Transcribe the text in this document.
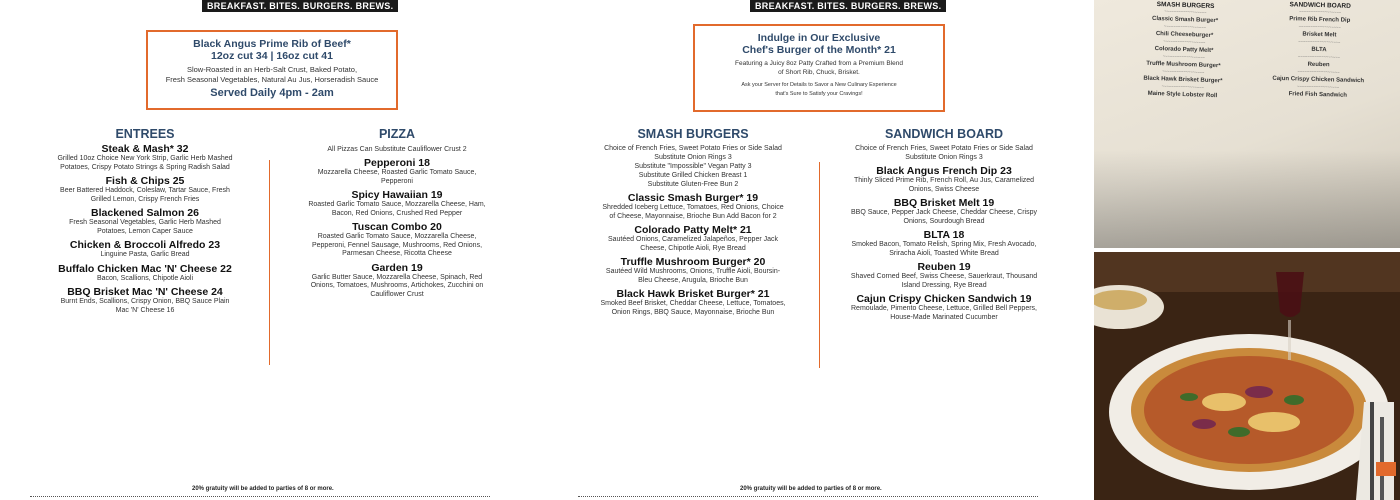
BREAKFAST. BITES. BURGERS. BREWS.
Black Angus Prime Rib of Beef*
12oz cut 34 | 16oz cut 41
Slow-Roasted in an Herb-Salt Crust, Baked Potato,
Fresh Seasonal Vegetables, Natural Au Jus, Horseradish Sauce
Served Daily 4pm - 2am
ENTREES
Steak & Mash* 32
Grilled 10oz Choice New York Strip, Garlic Herb Mashed Potatoes, Crispy Potato Strings & Spring Radish Salad
Fish & Chips 25
Beer Battered Haddock, Coleslaw, Tartar Sauce, Fresh Grilled Lemon, Crispy French Fries
Blackened Salmon 26
Fresh Seasonal Vegetables, Garlic Herb Mashed Potatoes, Lemon Caper Sauce
Chicken & Broccoli Alfredo 23
Linguine Pasta, Garlic Bread
Buffalo Chicken Mac 'N' Cheese 22
Bacon, Scallions, Chipotle Aioli
BBQ Brisket Mac 'N' Cheese 24
Burnt Ends, Scallions, Crispy Onion, BBQ Sauce Plain Mac 'N' Cheese 16
PIZZA
All Pizzas Can Substitute Cauliflower Crust 2
Pepperoni 18
Mozzarella Cheese, Roasted Garlic Tomato Sauce, Pepperoni
Spicy Hawaiian 19
Roasted Garlic Tomato Sauce, Mozzarella Cheese, Ham, Bacon, Red Onions, Crushed Red Pepper
Tuscan Combo 20
Roasted Garlic Tomato Sauce, Mozzarella Cheese, Pepperoni, Fennel Sausage, Mushrooms, Red Onions, Parmesan Cheese, Ricotta Cheese
Garden 19
Garlic Butter Sauce, Mozzarella Cheese, Spinach, Red Onions, Tomatoes, Mushrooms, Artichokes, Zucchini on Cauliflower Crust
20% gratuity will be added to parties of 8 or more.
BREAKFAST. BITES. BURGERS. BREWS.
Indulge in Our Exclusive
Chef's Burger of the Month* 21
Featuring a Juicy 8oz Patty Crafted from a Premium Blend
of Short Rib, Chuck, Brisket.
Ask your Server for Details to Savor a New Culinary Experience
that's Sure to Satisfy your Cravings!
SMASH BURGERS
Choice of French Fries, Sweet Potato Fries or Side Salad
Substitute Onion Rings 3
Substitute "Impossible" Vegan Patty 3
Substitute Grilled Chicken Breast 1
Substitute Gluten-Free Bun 2
Classic Smash Burger* 19
Shredded Iceberg Lettuce, Tomatoes, Red Onions, Choice of Cheese, Mayonnaise, Brioche Bun Add Bacon for 2
Colorado Patty Melt* 21
Sautéed Onions, Caramelized Jalapeños, Pepper Jack Cheese, Chipotle Aioli, Rye Bread
Truffle Mushroom Burger* 20
Sautéed Wild Mushrooms, Onions, Truffle Aioli, Boursin-Bleu Cheese, Arugula, Brioche Bun
Black Hawk Brisket Burger* 21
Smoked Beef Brisket, Cheddar Cheese, Lettuce, Tomatoes, Onion Rings, BBQ Sauce, Mayonnaise, Brioche Bun
SANDWICH BOARD
Choice of French Fries, Sweet Potato Fries or Side Salad
Substitute Onion Rings 3
Black Angus French Dip 23
Thinly Sliced Prime Rib, French Roll, Au Jus, Caramelized Onions, Swiss Cheese
BBQ Brisket Melt 19
BBQ Sauce, Pepper Jack Cheese, Cheddar Cheese, Crispy Onions, Sourdough Bread
BLTA 18
Smoked Bacon, Tomato Relish, Spring Mix, Fresh Avocado, Sriracha Aioli, Toasted White Bread
Reuben 19
Shaved Corned Beef, Swiss Cheese, Sauerkraut, Thousand Island Dressing, Rye Bread
Cajun Crispy Chicken Sandwich 19
Remoulade, Pimento Cheese, Lettuce, Grilled Bell Peppers, House-Made Marinated Cucumber
20% gratuity will be added to parties of 8 or more.
SMASH BURGERS
~~~~~~~~~~~~~~~~~~
Classic Smash Burger*
~~~~~~~~~~~~~~~~~~
Chili Cheeseburger*
~~~~~~~~~~~~~~~~~~
Colorado Patty Melt*
~~~~~~~~~~~~~~~~~~
Truffle Mushroom Burger*
~~~~~~~~~~~~~~~~~~
Black Hawk Brisket Burger*
~~~~~~~~~~~~~~~~~~
Maine Style Lobster Roll
SANDWICH BOARD
~~~~~~~~~~~~~~~~~~
Prime Rib French Dip
~~~~~~~~~~~~~~~~~~
Brisket Melt
~~~~~~~~~~~~~~~~~~
BLTA
~~~~~~~~~~~~~~~~~~
Reuben
~~~~~~~~~~~~~~~~~~
Cajun Crispy Chicken Sandwich
~~~~~~~~~~~~~~~~~~
Fried Fish Sandwich
